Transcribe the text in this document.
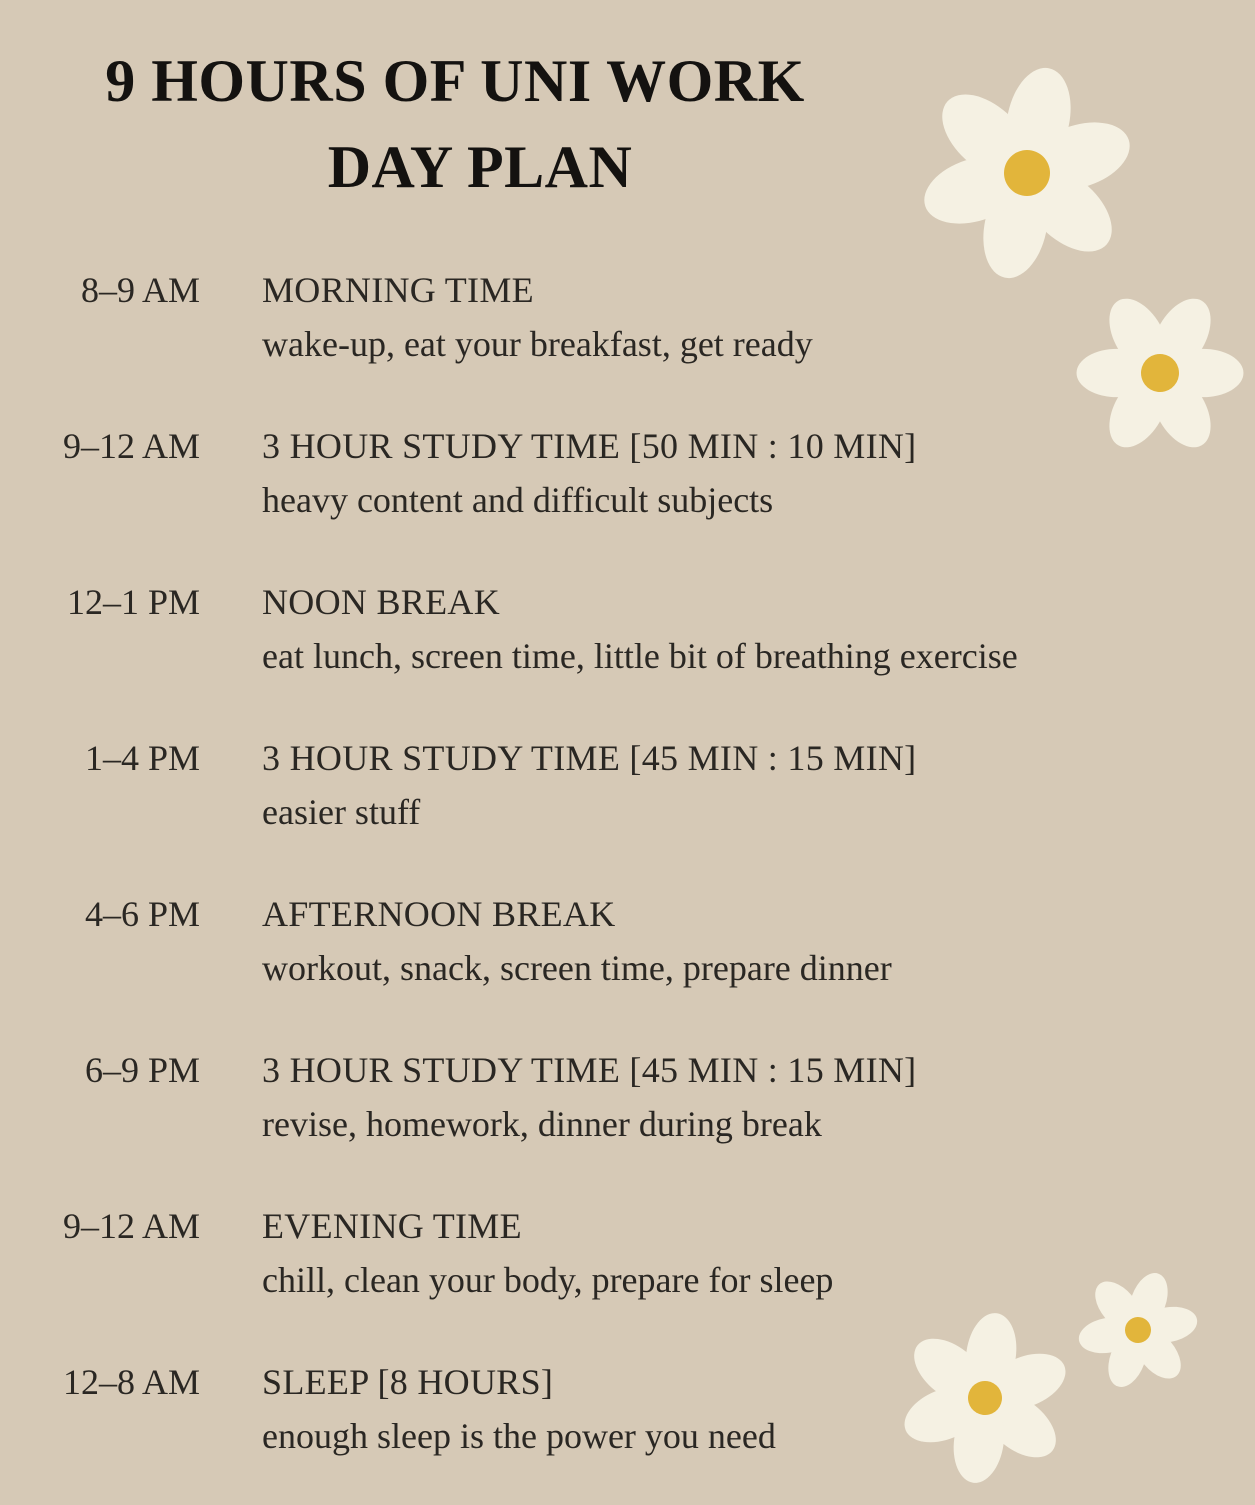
9 HOURS OF UNI WORK
DAY PLAN
8–9 AM MORNING TIME
wake-up, eat your breakfast, get ready
9–12 AM 3 HOUR STUDY TIME [50 MIN : 10 MIN]
heavy content and difficult subjects
12–1 PM NOON BREAK
eat lunch, screen time, little bit of breathing exercise
1–4 PM 3 HOUR STUDY TIME [45 MIN : 15 MIN]
easier stuff
4–6 PM AFTERNOON BREAK
workout, snack, screen time, prepare dinner
6–9 PM 3 HOUR STUDY TIME [45 MIN : 15 MIN]
revise, homework, dinner during break
9–12 AM EVENING TIME
chill, clean your body, prepare for sleep
12–8 AM SLEEP [8 HOURS]
enough sleep is the power you need
